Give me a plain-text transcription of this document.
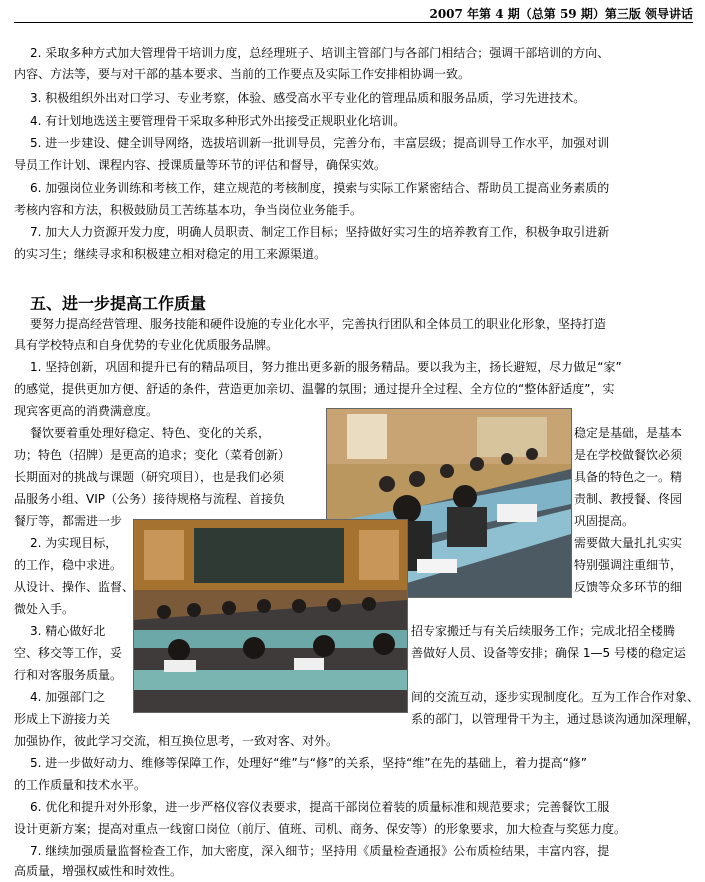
2007 年第 4 期（总第 59 期）第三版 领导讲话
2. 采取多种方式加大管理骨干培训力度，总经理班子、培训主管部门与各部门相结合；强调干部培训的方向、
内容、方法等，要与对干部的基本要求、当前的工作要点及实际工作安排相协调一致。
3. 积极组织外出对口学习、专业考察，体验、感受高水平专业化的管理品质和服务品质，学习先进技术。
4. 有计划地选送主要管理骨干采取多种形式外出接受正规职业化培训。
5. 进一步建设、健全训导网络，选拔培训新一批训导员，完善分布，丰富层级；提高训导工作水平，加强对训
导员工作计划、课程内容、授课质量等环节的评估和督导，确保实效。
6. 加强岗位业务训练和考核工作，建立规范的考核制度，摸索与实际工作紧密结合、帮助员工提高业务素质的
考核内容和方法，积极鼓励员工苦练基本功，争当岗位业务能手。
7. 加大人力资源开发力度，明确人员职责、制定工作目标；坚持做好实习生的培养教育工作，积极争取引进新
的实习生；继续寻求和积极建立相对稳定的用工来源渠道。
五、进一步提高工作质量
要努力提高经营管理、服务技能和硬件设施的专业化水平，完善执行团队和全体员工的职业化形象，坚持打造
具有学校特点和自身优势的专业化优质服务品牌。
1. 坚持创新，巩固和提升已有的精品项目，努力推出更多新的服务精品。要以我为主，扬长避短，尽力做足“家”
的感觉，提供更加方便、舒适的条件，营造更加亲切、温馨的氛围；通过提升全过程、全方位的“整体舒适度”，实
现宾客更高的消费满意度。
餐饮要着重处理好稳定、特色、变化的关系，
功；特色（招牌）是更高的追求；变化（菜肴创新）
长期面对的挑战与课题（研究项目），也是我们必须
品服务小组、VIP（公务）接待规格与流程、首接负
餐厅等，都需进一步
2. 为实现目标，
的工作，稳中求进。
从设计、操作、监督、
微处入手。
3. 精心做好北
空、移交等工作，妥
行和对客服务质量。
4. 加强部门之
形成上下游接力关
稳定是基础，是基本
是在学校做餐饮必须
具备的特色之一。精
责制、教授餐、佟园
巩固提高。
需要做大量扎扎实实
特别强调注重细节，
反馈等众多环节的细
招专家搬迁与有关后续服务工作；完成北招全楼腾
善做好人员、设备等安排；确保 1—5 号楼的稳定运
间的交流互动，逐步实现制度化。互为工作合作对象、
系的部门，以管理骨干为主，通过恳谈沟通加深理解，
加强协作，彼此学习交流，相互换位思考，一致对客、对外。
5. 进一步做好动力、维修等保障工作，处理好“维”与“修”的关系，坚持“维”在先的基础上，着力提高“修”
的工作质量和技术水平。
6. 优化和提升对外形象，进一步严格仪容仪表要求，提高干部岗位着装的质量标准和规范要求；完善餐饮工服
设计更新方案；提高对重点一线窗口岗位（前厅、值班、司机、商务、保安等）的形象要求，加大检查与奖惩力度。
7. 继续加强质量监督检查工作，加大密度，深入细节；坚持用《质量检查通报》公布质检结果，丰富内容，提
高质量，增强权威性和时效性。
